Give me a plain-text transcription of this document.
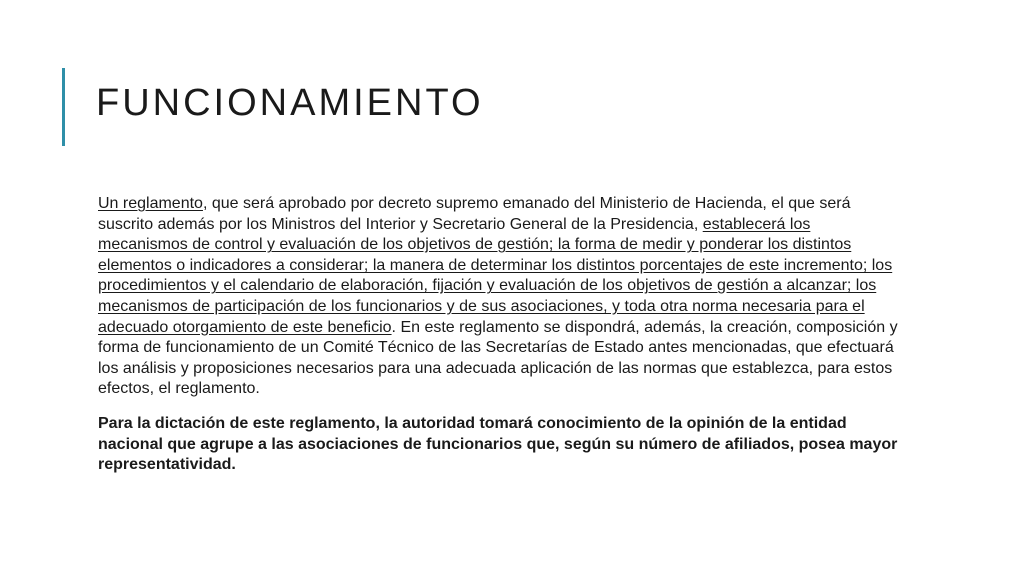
FUNCIONAMIENTO

Un reglamento, que será aprobado por decreto supremo emanado del Ministerio de Hacienda, el que será suscrito además por los Ministros del Interior y Secretario General de la Presidencia, establecerá los mecanismos de control y evaluación de los objetivos de gestión; la forma de medir y ponderar los distintos elementos o indicadores a considerar; la manera de determinar los distintos porcentajes de este incremento; los procedimientos y el calendario de elaboración, fijación y evaluación de los objetivos de gestión a alcanzar; los mecanismos de participación de los funcionarios y de sus asociaciones, y toda otra norma necesaria para el adecuado otorgamiento de este beneficio. En este reglamento se dispondrá, además, la creación, composición y forma de funcionamiento de un Comité Técnico de las Secretarías de Estado antes mencionadas, que efectuará los análisis y proposiciones necesarios para una adecuada aplicación de las normas que establezca, para estos efectos, el reglamento.

Para la dictación de este reglamento, la autoridad tomará conocimiento de la opinión de la entidad nacional que agrupe a las asociaciones de funcionarios que, según su número de afiliados, posea mayor representatividad.
